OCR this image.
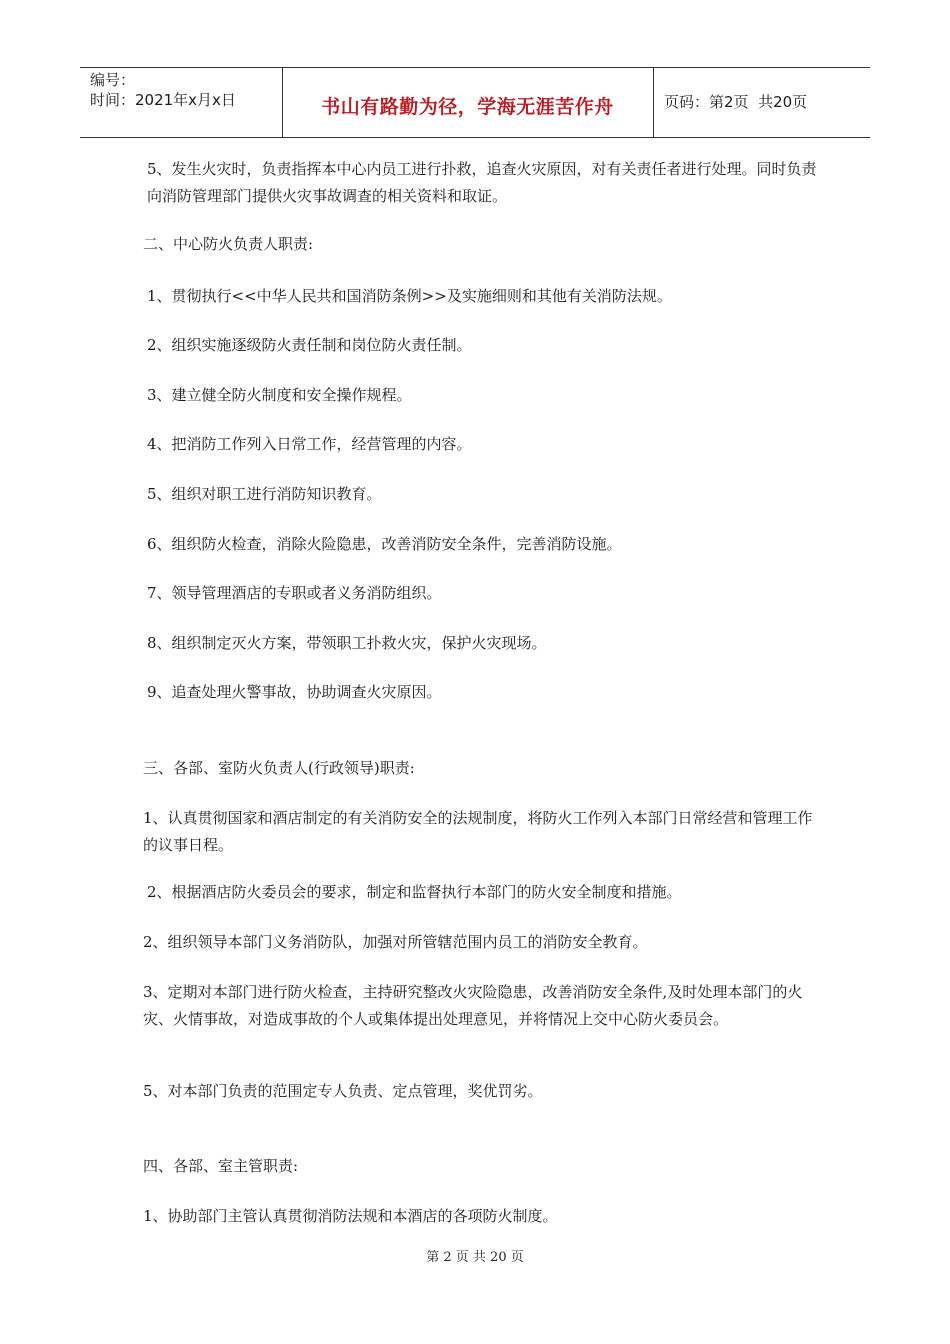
编号：
时间：2021年x月x日	书山有路勤为径，学海无涯苦作舟	页码：第2页  共20页
5、发生火灾时，负责指挥本中心内员工进行扑救，追查火灾原因，对有关责任者进行处理。同时负责向消防管理部门提供火灾事故调查的相关资料和取证。
二、中心防火负责人职责:
1、贯彻执行<<中华人民共和国消防条例>>及实施细则和其他有关消防法规。
2、组织实施逐级防火责任制和岗位防火责任制。
3、建立健全防火制度和安全操作规程。
4、把消防工作列入日常工作，经营管理的内容。
5、组织对职工进行消防知识教育。
6、组织防火检查，消除火险隐患，改善消防安全条件，完善消防设施。
7、领导管理酒店的专职或者义务消防组织。
8、组织制定灭火方案，带领职工扑救火灾，保护火灾现场。
9、追查处理火警事故，协助调查火灾原因。
三、各部、室防火负责人(行政领导)职责:
1、认真贯彻国家和酒店制定的有关消防安全的法规制度，将防火工作列入本部门日常经营和管理工作的议事日程。
2、根据酒店防火委员会的要求，制定和监督执行本部门的防火安全制度和措施。
2、组织领导本部门义务消防队，加强对所管辖范围内员工的消防安全教育。
3、定期对本部门进行防火检查，主持研究整改火灾险隐患，改善消防安全条件,及时处理本部门的火灾、火情事故，对造成事故的个人或集体提出处理意见，并将情况上交中心防火委员会。
5、对本部门负责的范围定专人负责、定点管理，奖优罚劣。
四、各部、室主管职责:
1、协助部门主管认真贯彻消防法规和本酒店的各项防火制度。
第 2 页 共 20 页
